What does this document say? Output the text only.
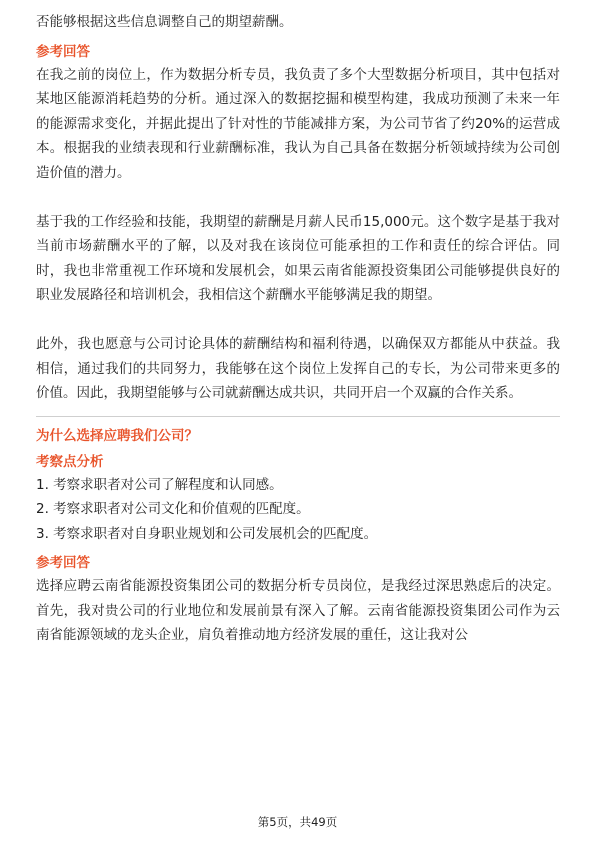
否能够根据这些信息调整自己的期望薪酬。

参考回答

在我之前的岗位上，作为数据分析专员，我负责了多个大型数据分析项目，其中包括对某地区能源消耗趋势的分析。通过深入的数据挖掘和模型构建，我成功预测了未来一年的能源需求变化，并据此提出了针对性的节能减排方案，为公司节省了约20%的运营成本。根据我的业绩表现和行业薪酬标准，我认为自己具备在数据分析领域持续为公司创造价值的潜力。

基于我的工作经验和技能，我期望的薪酬是月薪人民币15,000元。这个数字是基于我对当前市场薪酬水平的了解，以及对我在该岗位可能承担的工作和责任的综合评估。同时，我也非常重视工作环境和发展机会，如果云南省能源投资集团公司能够提供良好的职业发展路径和培训机会，我相信这个薪酬水平能够满足我的期望。

此外，我也愿意与公司讨论具体的薪酬结构和福利待遇，以确保双方都能从中获益。我相信，通过我们的共同努力，我能够在这个岗位上发挥自己的专长，为公司带来更多的价值。因此，我期望能够与公司就薪酬达成共识，共同开启一个双赢的合作关系。

为什么选择应聘我们公司？

考察点分析

1. 考察求职者对公司了解程度和认同感。

2. 考察求职者对公司文化和价值观的匹配度。

3. 考察求职者对自身职业规划和公司发展机会的匹配度。

参考回答

选择应聘云南省能源投资集团公司的数据分析专员岗位，是我经过深思熟虑后的决定。首先，我对贵公司的行业地位和发展前景有深入了解。云南省能源投资集团公司作为云南省能源领域的龙头企业，肩负着推动地方经济发展的重任，这让我对公

第5页，共49页
